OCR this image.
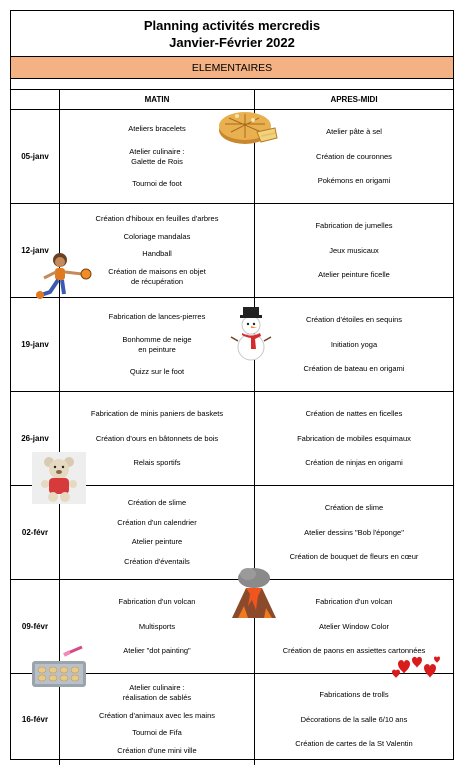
Planning activités mercredis
Janvier-Février 2022
ELEMENTAIRES
MATIN	APRES-MIDI
05-janv
Ateliers bracelets
Atelier culinaire :
Galette de Rois
Tournoi de foot
Atelier pâte à sel
Création de couronnes
Pokémons en origami
12-janv
Création d'hiboux en feuilles d'arbres
Coloriage mandalas
Handball
Création de maisons en objet
de récupération
Fabrication de jumelles
Jeux musicaux
Atelier peinture ficelle
19-janv
Fabrication de lances-pierres
Bonhomme de neige
en peinture
Quizz sur le foot
Création d'étoiles en sequins
Initiation yoga
Création de bateau en origami
26-janv
Fabrication de minis paniers de baskets
Création d'ours en bâtonnets de bois
Relais sportifs
Création de nattes en ficelles
Fabrication de mobiles esquimaux
Création de ninjas en origami
02-févr
Création de slime
Création d'un calendrier
Atelier peinture
Création d'éventails
Création de slime
Atelier dessins "Bob l'éponge"
Création de bouquet de fleurs en cœur
09-févr
Fabrication d'un volcan
Multisports
Atelier "dot painting"
Fabrication d'un volcan
Atelier Window Color
Création de paons en assiettes cartonnées
16-févr
Atelier culinaire :
réalisation de sablés
Création d'animaux avec les mains
Tournoi de Fifa
Création d'une mini ville
Fabrications de trolls
Décorations de la salle 6/10 ans
Création de cartes de la St Valentin
